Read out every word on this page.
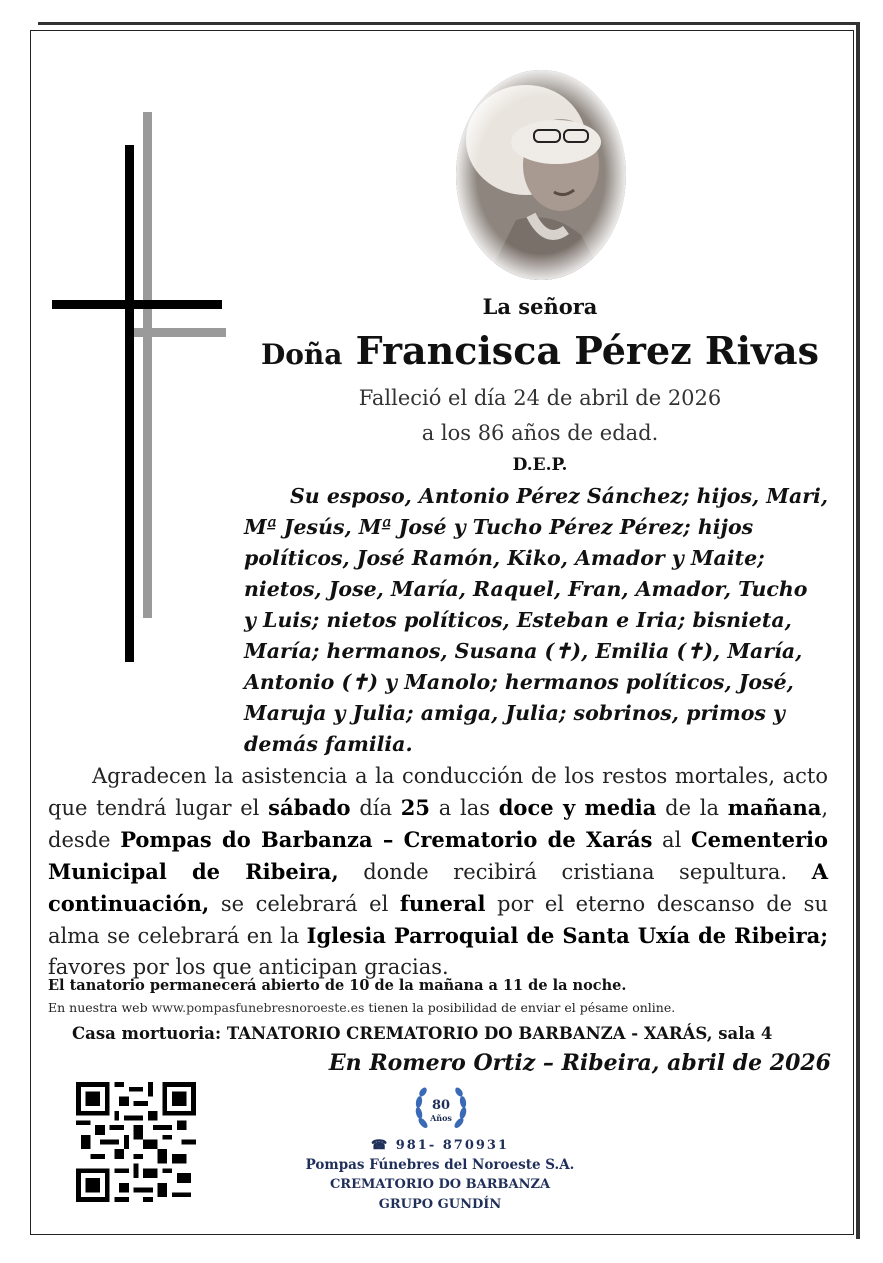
La señora
Doña Francisca Pérez Rivas
Falleció el día 24 de abril de 2026
a los 86 años de edad.
D.E.P.
Su esposo, Antonio Pérez Sánchez; hijos, Mari,
Mª Jesús, Mª José y Tucho Pérez Pérez; hijos
políticos, José Ramón, Kiko, Amador y Maite;
nietos, Jose, María, Raquel, Fran, Amador, Tucho
y Luis; nietos políticos, Esteban e Iria; bisnieta,
María; hermanos, Susana (✝), Emilia (✝), María,
Antonio (✝) y Manolo; hermanos políticos, José,
Maruja y Julia; amiga, Julia; sobrinos, primos y
demás familia.
Agradecen la asistencia a la conducción de los restos mortales, acto que tendrá lugar el sábado día 25 a las doce y media de la mañana, desde Pompas do Barbanza – Crematorio de Xarás al Cementerio Municipal de Ribeira, donde recibirá cristiana sepultura. A continuación, se celebrará el funeral por el eterno descanso de su alma se celebrará en la Iglesia Parroquial de Santa Uxía de Ribeira; favores por los que anticipan gracias.
El tanatorio permanecerá abierto de 10 de la mañana a 11 de la noche.
En nuestra web www.pompasfunebresnoroeste.es tienen la posibilidad de enviar el pésame online.
Casa mortuoria: TANATORIO CREMATORIO DO BARBANZA - XARÁS, sala 4
En Romero Ortiz – Ribeira, abril de 2026
80
Años
☎ 981- 870931
Pompas Fúnebres del Noroeste S.A.
CREMATORIO DO BARBANZA
GRUPO GUNDÍN
